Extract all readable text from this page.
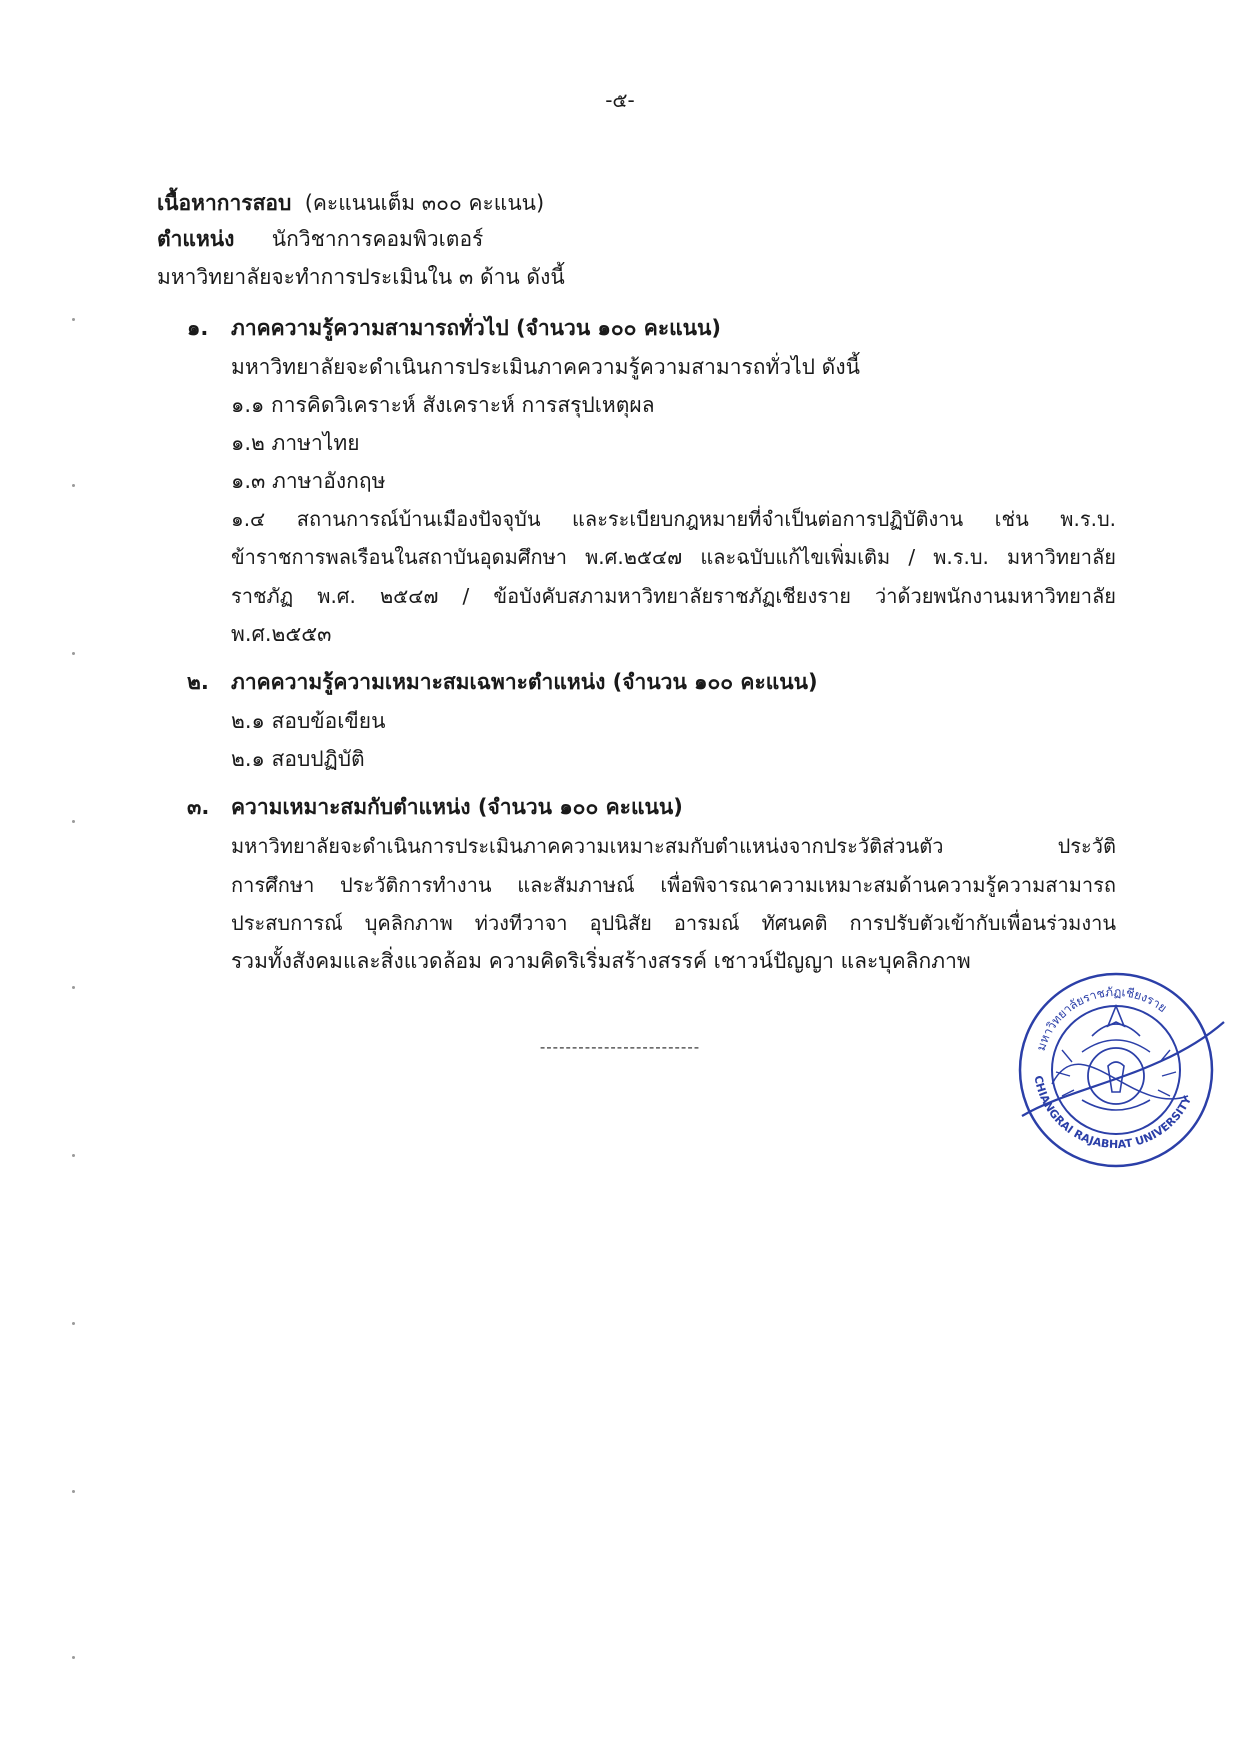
-๕-
เนื้อหาการสอบ (คะแนนเต็ม ๓๐๐ คะแนน)
ตำแหน่ง นักวิชาการคอมพิวเตอร์
มหาวิทยาลัยจะทำการประเมินใน ๓ ด้าน ดังนี้
๑. ภาคความรู้ความสามารถทั่วไป (จำนวน ๑๐๐ คะแนน)
มหาวิทยาลัยจะดำเนินการประเมินภาคความรู้ความสามารถทั่วไป ดังนี้
๑.๑ การคิดวิเคราะห์ สังเคราะห์ การสรุปเหตุผล
๑.๒ ภาษาไทย
๑.๓ ภาษาอังกฤษ
๑.๔ สถานการณ์บ้านเมืองปัจจุบัน และระเบียบกฎหมายที่จำเป็นต่อการปฏิบัติงาน เช่น พ.ร.บ.
ข้าราชการพลเรือนในสถาบันอุดมศึกษา พ.ศ.๒๕๔๗ และฉบับแก้ไขเพิ่มเติม / พ.ร.บ. มหาวิทยาลัย
ราชภัฏ พ.ศ. ๒๕๔๗ / ข้อบังคับสภามหาวิทยาลัยราชภัฏเชียงราย ว่าด้วยพนักงานมหาวิทยาลัย
พ.ศ.๒๕๕๓
๒. ภาคความรู้ความเหมาะสมเฉพาะตำแหน่ง (จำนวน ๑๐๐ คะแนน)
๒.๑ สอบข้อเขียน
๒.๑ สอบปฏิบัติ
๓. ความเหมาะสมกับตำแหน่ง (จำนวน ๑๐๐ คะแนน)
มหาวิทยาลัยจะดำเนินการประเมินภาคความเหมาะสมกับตำแหน่งจากประวัติส่วนตัว ประวัติ
การศึกษา ประวัติการทำงาน และสัมภาษณ์ เพื่อพิจารณาความเหมาะสมด้านความรู้ความสามารถ
ประสบการณ์ บุคลิกภาพ ท่วงทีวาจา อุปนิสัย อารมณ์ ทัศนคติ การปรับตัวเข้ากับเพื่อนร่วมงาน
รวมทั้งสังคมและสิ่งแวดล้อม ความคิดริเริ่มสร้างสรรค์ เชาวน์ปัญญา และบุคลิกภาพ
-------------------------	มหาวิทยาลัยราชภัฏเชียงราย
CHIANGRAI RAJABHAT UNIVERSITY
